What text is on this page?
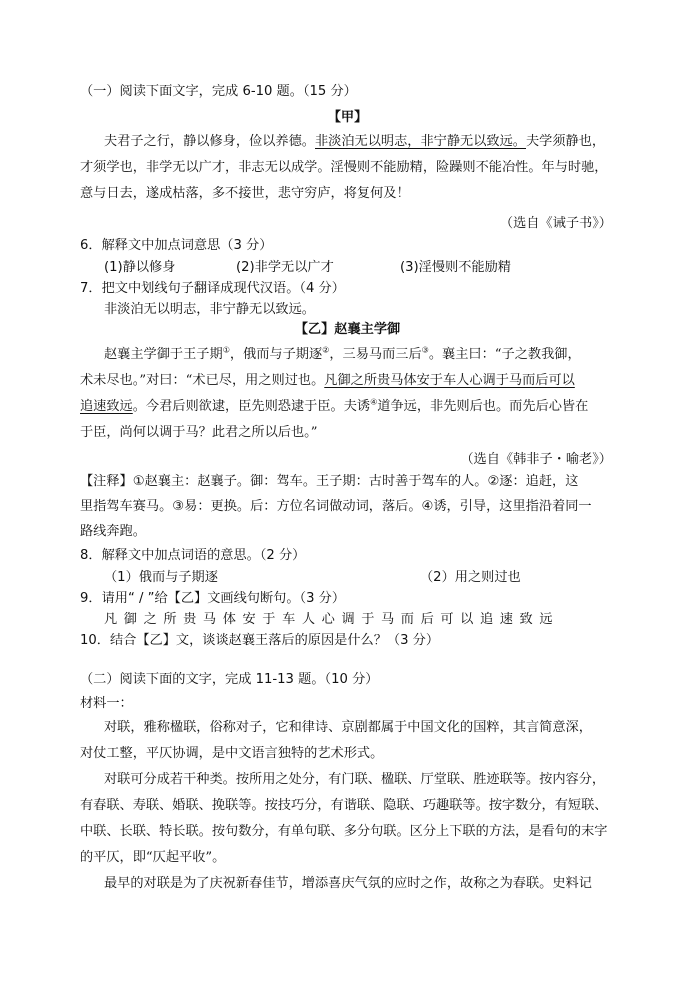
（一）阅读下面文字，完成 6-10 题。（15 分）
【甲】
夫君子之行，静以修身，俭以养德。非淡泊无以明志，非宁静无以致远。夫学须静也，
才须学也，非学无以广才，非志无以成学。淫慢则不能励精，险躁则不能冶性。年与时驰，
意与日去，遂成枯落，多不接世，悲守穷庐，将复何及！
（选自《诫子书》）
6．解释文中加点词意思（3 分）
(1)静以修身	(2)非学无以广才	(3)淫慢则不能励精
7．把文中划线句子翻译成现代汉语。（4 分）
非淡泊无以明志，非宁静无以致远。
【乙】赵襄主学御
赵襄主学御于王子期①，俄而与子期逐②，三易马而三后③。襄主曰：“子之教我御，
术未尽也。”对曰：“术已尽，用之则过也。凡御之所贵马体安于车人心调于马而后可以
追速致远。今君后则欲逮，臣先则恐逮于臣。夫诱④道争远，非先则后也。而先后心皆在
于臣，尚何以调于马？此君之所以后也。”
（选自《韩非子・喻老》）
【注释】①赵襄主：赵襄子。御：驾车。王子期：古时善于驾车的人。②逐：追赶，这
里指驾车赛马。③易：更换。后：方位名词做动词，落后。④诱，引导，这里指沿着同一
路线奔跑。
8．解释文中加点词语的意思。（2 分）
（1）俄而与子期逐	（2）用之则过也
9．请用“ / ”给【乙】文画线句断句。（3 分）
凡御之所贵马体安于车人心调于马而后可以追速致远
10．结合【乙】文，谈谈赵襄王落后的原因是什么？（3 分）
（二）阅读下面的文字，完成 11-13 题。（10 分）
材料一：
对联，雅称楹联，俗称对子，它和律诗、京剧都属于中国文化的国粹，其言简意深，
对仗工整，平仄协调，是中文语言独特的艺术形式。
对联可分成若干种类。按所用之处分，有门联、楹联、厅堂联、胜迹联等。按内容分，
有春联、寿联、婚联、挽联等。按技巧分，有谐联、隐联、巧趣联等。按字数分，有短联、
中联、长联、特长联。按句数分，有单句联、多分句联。区分上下联的方法，是看句的末字
的平仄，即“仄起平收”。
最早的对联是为了庆祝新春佳节，增添喜庆气氛的应时之作，故称之为春联。史料记
